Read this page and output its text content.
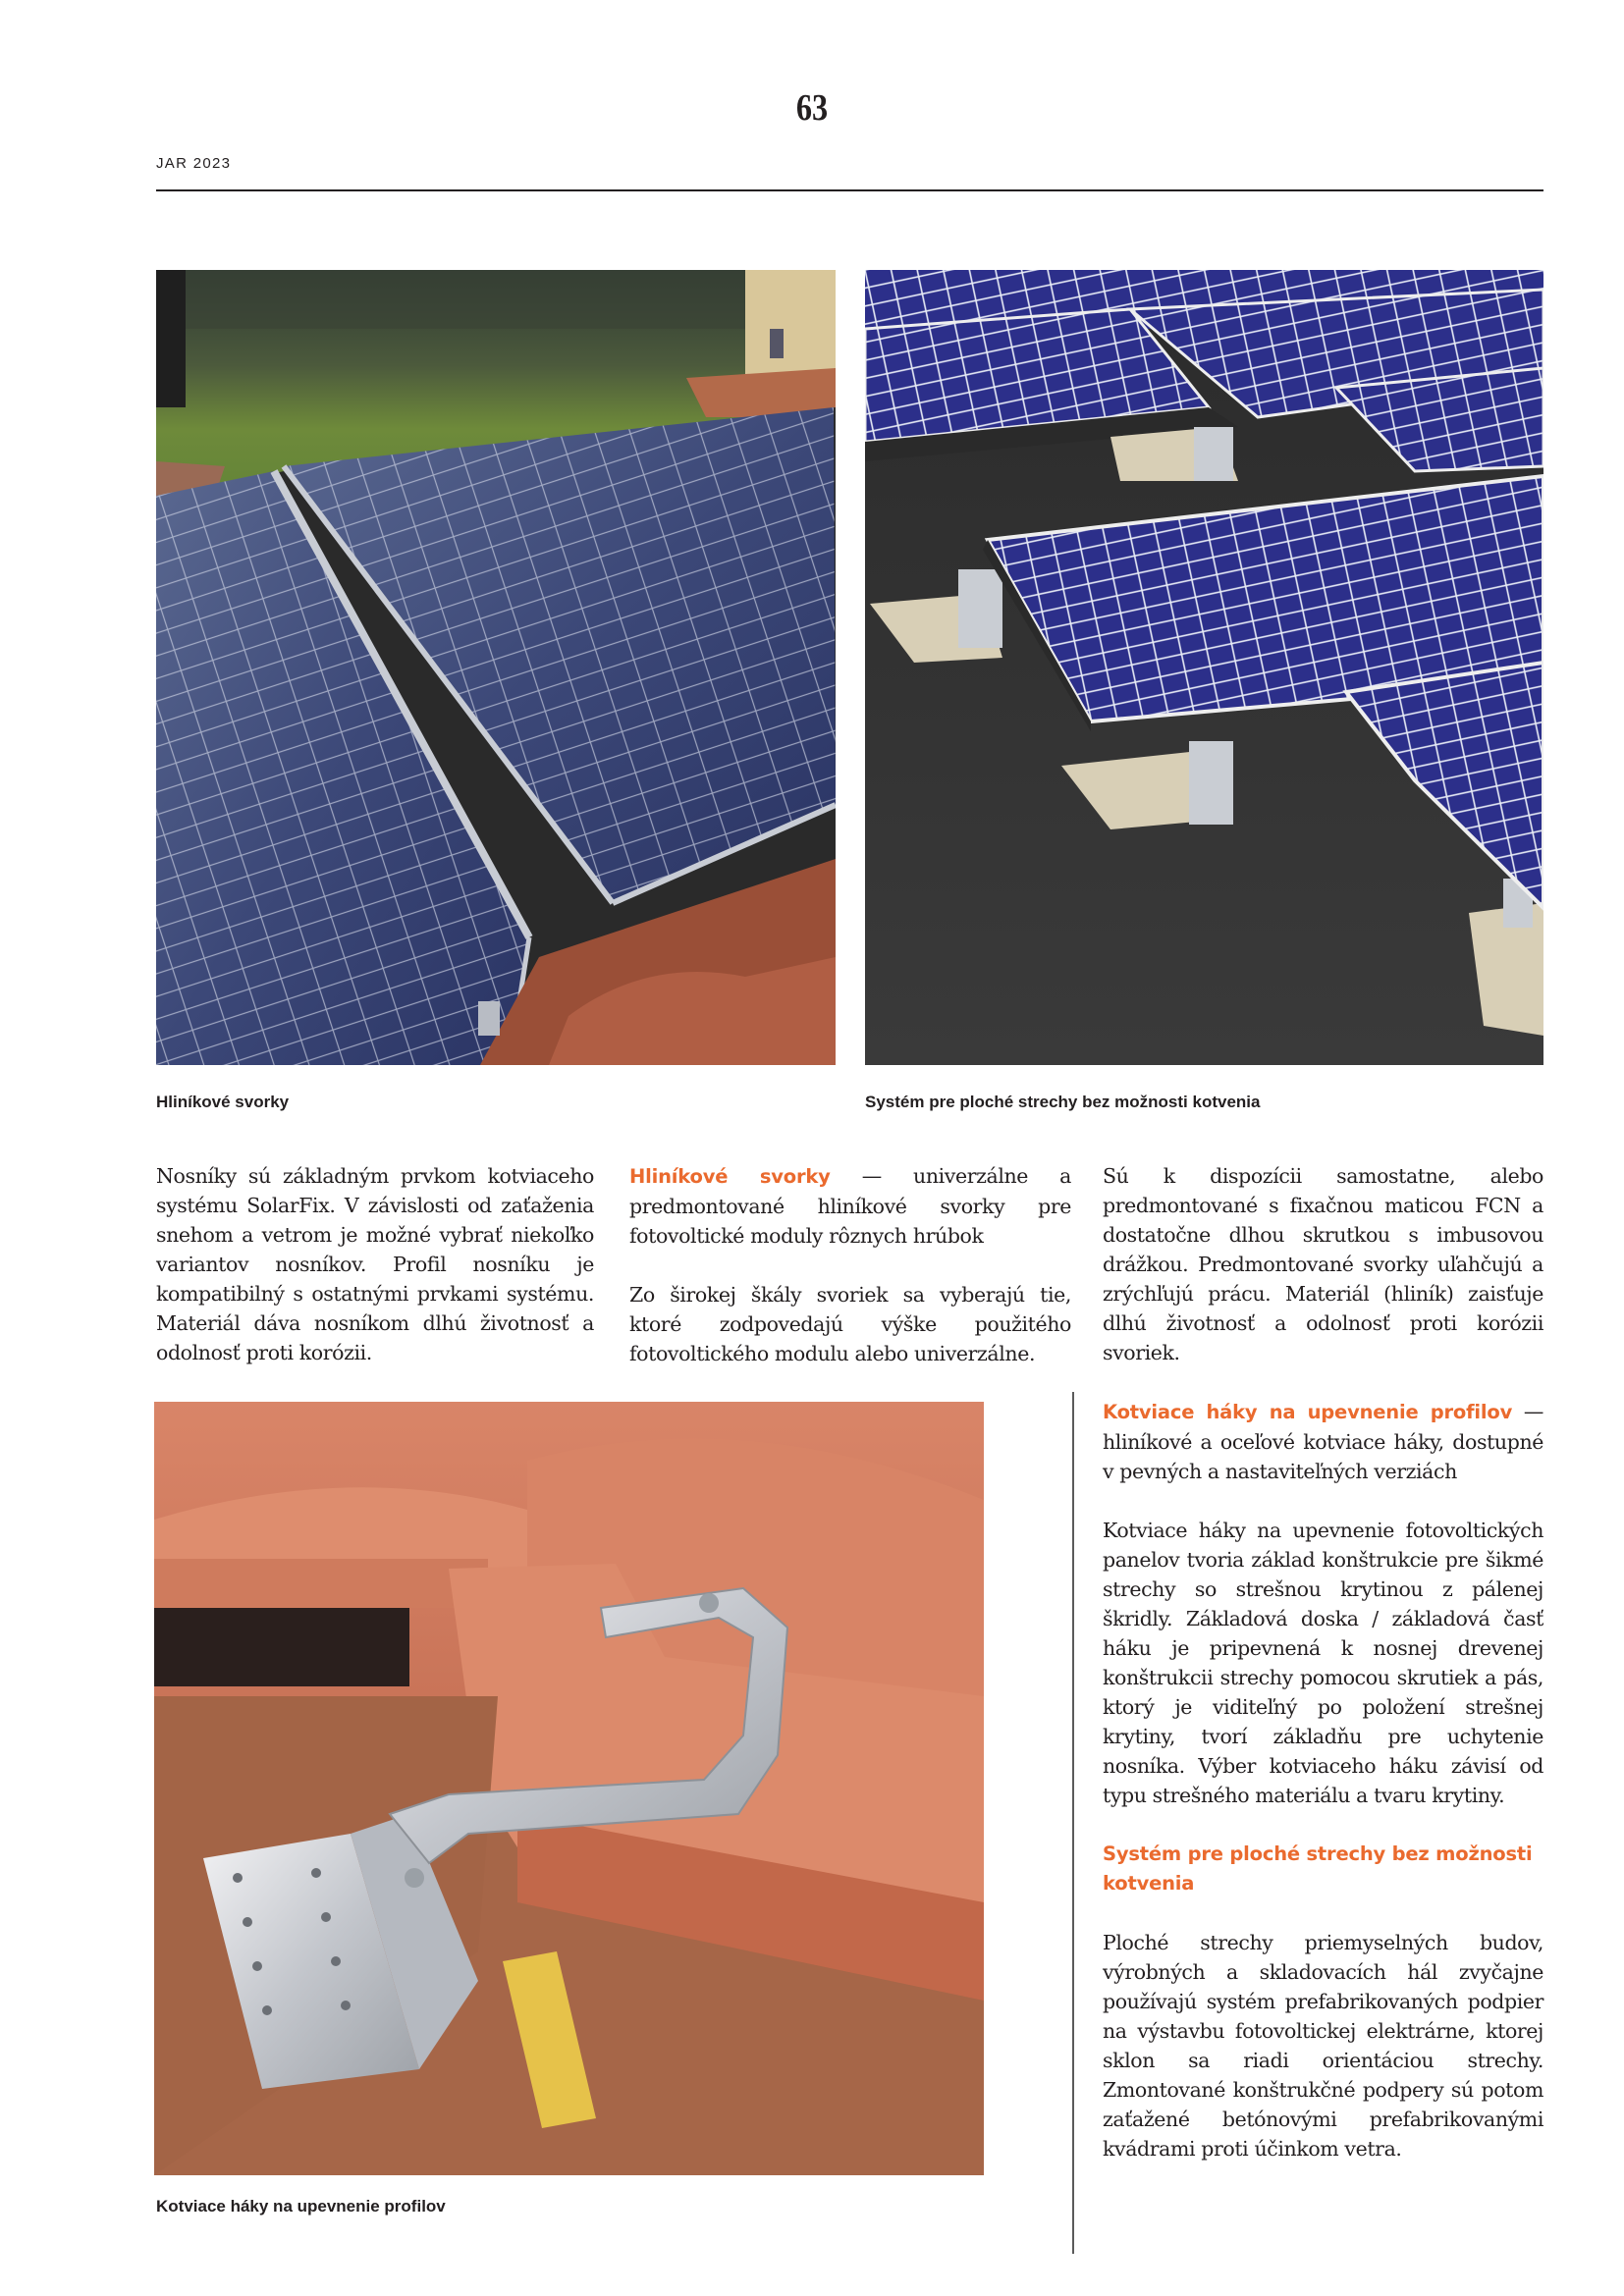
63
JAR 2023
Hliníkové svorky	Systém pre ploché strechy bez možnosti kotvenia
Kotviace háky na upevnenie profilov

Nosníky sú základným prvkom kotviaceho systému SolarFix. V závislosti od zaťaženia snehom a vetrom je možné vybrať niekoľko variantov nosníkov. Profil nosníku je kompatibilný s ostatnými prvkami systému. Materiál dáva nosníkom dlhú životnosť a odolnosť proti korózii.

Hliníkové svorky — univerzálne a predmontované hliníkové svorky pre fotovoltické moduly rôznych hrúbok

Zo širokej škály svoriek sa vyberajú tie, ktoré zodpovedajú výške použitého fotovoltického modulu alebo univerzálne.

Sú k dispozícii samostatne, alebo predmontované s fixačnou maticou FCN a dostatočne dlhou skrutkou s imbusovou drážkou. Predmontované svorky uľahčujú a zrýchľujú prácu. Materiál (hliník) zaisťuje dlhú životnosť a odolnosť proti korózii svoriek.

Kotviace háky na upevnenie profilov — hliníkové a oceľové kotviace háky, dostupné v pevných a nastaviteľných verziách

Kotviace háky na upevnenie fotovoltických panelov tvoria základ konštrukcie pre šikmé strechy so strešnou krytinou z pálenej škridly. Základová doska / základová časť háku je pripevnená k nosnej drevenej konštrukcii strechy pomocou skrutiek a pás, ktorý je viditeľný po položení strešnej krytiny, tvorí základňu pre uchytenie nosníka. Výber kotviaceho háku závisí od typu strešného materiálu a tvaru krytiny.

Systém pre ploché strechy bez možnosti kotvenia

Ploché strechy priemyselných budov, výrobných a skladovacích hál zvyčajne používajú systém prefabrikovaných podpier na výstavbu fotovoltickej elektrárne, ktorej sklon sa riadi orientáciou strechy. Zmontované konštrukčné podpery sú potom zaťažené betónovými prefabrikovanými kvádrami proti účinkom vetra.
